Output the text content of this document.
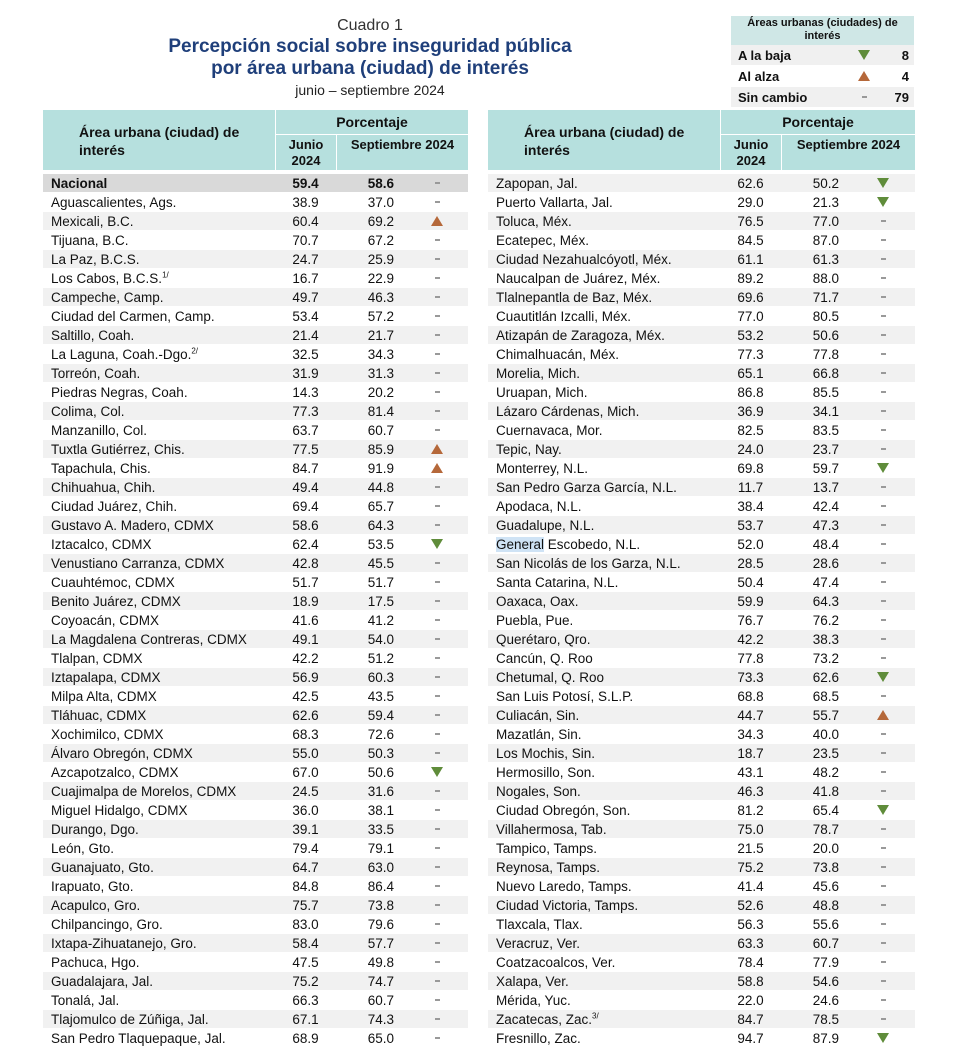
Cuadro 1
Percepción social sobre inseguridad pública
por área urbana (ciudad) de interés
junio – septiembre 2024
Áreas urbanas (ciudades) de interés
A la baja	8
Al alza	4
Sin cambio	79
Área urbana (ciudad) de interés
Porcentaje
Junio 2024
Septiembre 2024
Nacional	59.4	58.6
Aguascalientes, Ags.	38.9	37.0
Mexicali, B.C.	60.4	69.2
Tijuana, B.C.	70.7	67.2
La Paz, B.C.S.	24.7	25.9
Los Cabos, B.C.S.$^{1/}$	16.7	22.9
Campeche, Camp.	49.7	46.3
Ciudad del Carmen, Camp.	53.4	57.2
Saltillo, Coah.	21.4	21.7
La Laguna, Coah.-Dgo.$^{2/}$	32.5	34.3
Torreón, Coah.	31.9	31.3
Piedras Negras, Coah.	14.3	20.2
Colima, Col.	77.3	81.4
Manzanillo, Col.	63.7	60.7
Tuxtla Gutiérrez, Chis.	77.5	85.9
Tapachula, Chis.	84.7	91.9
Chihuahua, Chih.	49.4	44.8
Ciudad Juárez, Chih.	69.4	65.7
Gustavo A. Madero, CDMX	58.6	64.3
Iztacalco, CDMX	62.4	53.5
Venustiano Carranza, CDMX	42.8	45.5
Cuauhtémoc, CDMX	51.7	51.7
Benito Juárez, CDMX	18.9	17.5
Coyoacán, CDMX	41.6	41.2
La Magdalena Contreras, CDMX	49.1	54.0
Tlalpan, CDMX	42.2	51.2
Iztapalapa, CDMX	56.9	60.3
Milpa Alta, CDMX	42.5	43.5
Tláhuac, CDMX	62.6	59.4
Xochimilco, CDMX	68.3	72.6
Álvaro Obregón, CDMX	55.0	50.3
Azcapotzalco, CDMX	67.0	50.6
Cuajimalpa de Morelos, CDMX	24.5	31.6
Miguel Hidalgo, CDMX	36.0	38.1
Durango, Dgo.	39.1	33.5
León, Gto.	79.4	79.1
Guanajuato, Gto.	64.7	63.0
Irapuato, Gto.	84.8	86.4
Acapulco, Gro.	75.7	73.8
Chilpancingo, Gro.	83.0	79.6
Ixtapa-Zihuatanejo, Gro.	58.4	57.7
Pachuca, Hgo.	47.5	49.8
Guadalajara, Jal.	75.2	74.7
Tonalá, Jal.	66.3	60.7
Tlajomulco de Zúñiga, Jal.	67.1	74.3
San Pedro Tlaquepaque, Jal.	68.9	65.0
Área urbana (ciudad) de interés
Porcentaje
Junio 2024
Septiembre 2024
Zapopan, Jal.	62.6	50.2
Puerto Vallarta, Jal.	29.0	21.3
Toluca, Méx.	76.5	77.0
Ecatepec, Méx.	84.5	87.0
Ciudad Nezahualcóyotl, Méx.	61.1	61.3
Naucalpan de Juárez, Méx.	89.2	88.0
Tlalnepantla de Baz, Méx.	69.6	71.7
Cuautitlán Izcalli, Méx.	77.0	80.5
Atizapán de Zaragoza, Méx.	53.2	50.6
Chimalhuacán, Méx.	77.3	77.8
Morelia, Mich.	65.1	66.8
Uruapan, Mich.	86.8	85.5
Lázaro Cárdenas, Mich.	36.9	34.1
Cuernavaca, Mor.	82.5	83.5
Tepic, Nay.	24.0	23.7
Monterrey, N.L.	69.8	59.7
San Pedro Garza García, N.L.	11.7	13.7
Apodaca, N.L.	38.4	42.4
Guadalupe, N.L.	53.7	47.3
General Escobedo, N.L.	52.0	48.4
San Nicolás de los Garza, N.L.	28.5	28.6
Santa Catarina, N.L.	50.4	47.4
Oaxaca, Oax.	59.9	64.3
Puebla, Pue.	76.7	76.2
Querétaro, Qro.	42.2	38.3
Cancún, Q. Roo	77.8	73.2
Chetumal, Q. Roo	73.3	62.6
San Luis Potosí, S.L.P.	68.8	68.5
Culiacán, Sin.	44.7	55.7
Mazatlán, Sin.	34.3	40.0
Los Mochis, Sin.	18.7	23.5
Hermosillo, Son.	43.1	48.2
Nogales, Son.	46.3	41.8
Ciudad Obregón, Son.	81.2	65.4
Villahermosa, Tab.	75.0	78.7
Tampico, Tamps.	21.5	20.0
Reynosa, Tamps.	75.2	73.8
Nuevo Laredo, Tamps.	41.4	45.6
Ciudad Victoria, Tamps.	52.6	48.8
Tlaxcala, Tlax.	56.3	55.6
Veracruz, Ver.	63.3	60.7
Coatzacoalcos, Ver.	78.4	77.9
Xalapa, Ver.	58.8	54.6
Mérida, Yuc.	22.0	24.6
Zacatecas, Zac.$^{3/}$	84.7	78.5
Fresnillo, Zac.	94.7	87.9
